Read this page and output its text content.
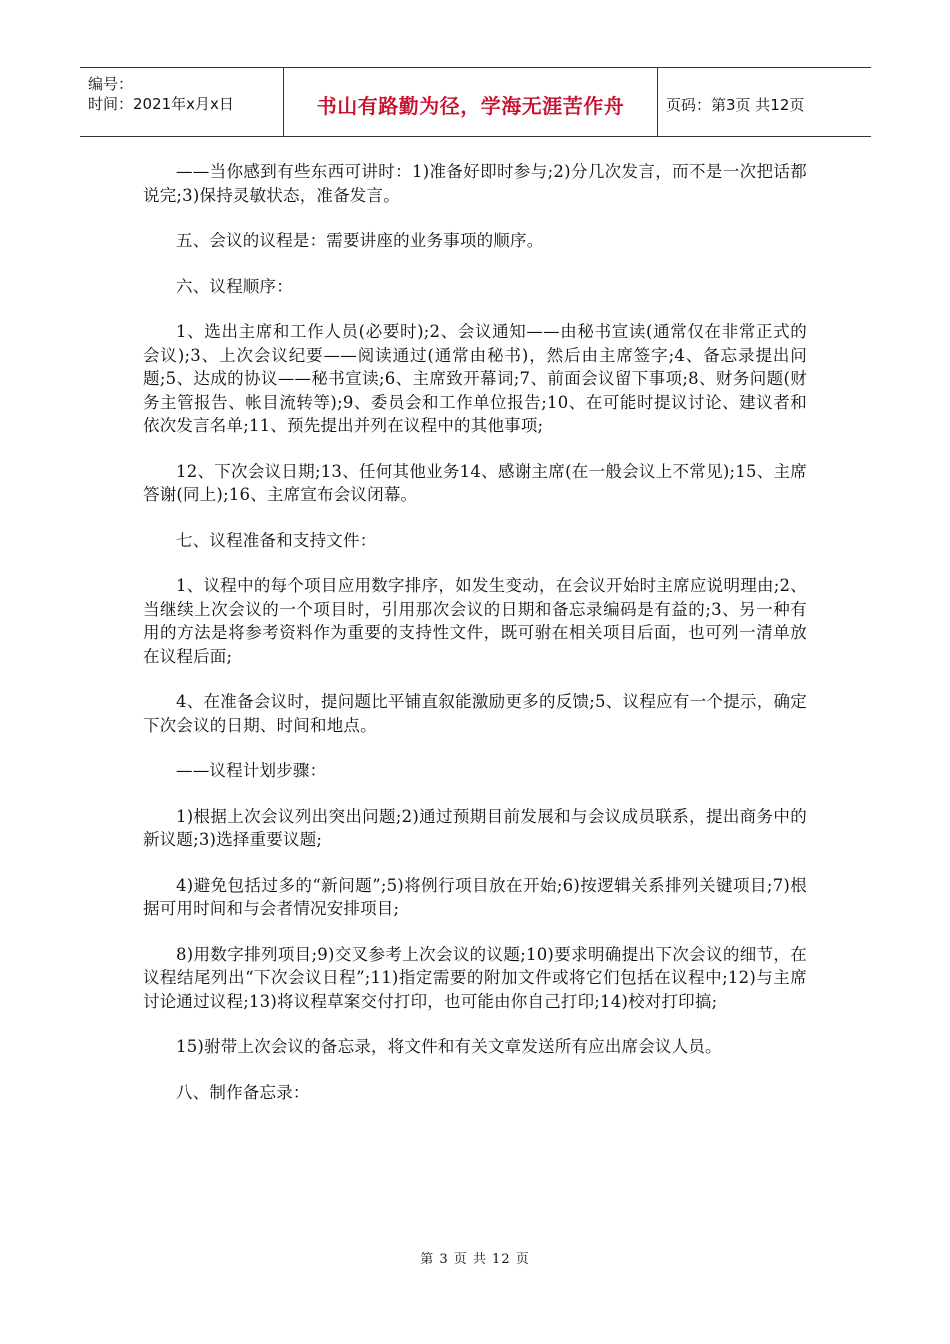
编号：
时间：2021年x月x日	书山有路勤为径，学海无涯苦作舟	页码：第3页 共12页

——当你感到有些东西可讲时：1)准备好即时参与;2)分几次发言，而不是一次把话都说完;3)保持灵敏状态，准备发言。

五、会议的议程是：需要讲座的业务事项的顺序。

六、议程顺序：

1、选出主席和工作人员(必要时);2、会议通知——由秘书宣读(通常仅在非常正式的会议);3、上次会议纪要——阅读通过(通常由秘书)，然后由主席签字;4、备忘录提出问题;5、达成的协议——秘书宣读;6、主席致开幕词;7、前面会议留下事项;8、财务问题(财务主管报告、帐目流转等);9、委员会和工作单位报告;10、在可能时提议讨论、建议者和依次发言名单;11、预先提出并列在议程中的其他事项;

12、下次会议日期;13、任何其他业务14、感谢主席(在一般会议上不常见);15、主席答谢(同上);16、主席宣布会议闭幕。

七、议程准备和支持文件：

1、议程中的每个项目应用数字排序，如发生变动，在会议开始时主席应说明理由;2、当继续上次会议的一个项目时，引用那次会议的日期和备忘录编码是有益的;3、另一种有用的方法是将参考资料作为重要的支持性文件，既可驸在相关项目后面，也可列一清单放在议程后面;

4、在准备会议时，提问题比平铺直叙能激励更多的反馈;5、议程应有一个提示，确定下次会议的日期、时间和地点。

——议程计划步骤：

1)根据上次会议列出突出问题;2)通过预期目前发展和与会议成员联系，提出商务中的新议题;3)选择重要议题;

4)避免包括过多的“新问题”;5)将例行项目放在开始;6)按逻辑关系排列关键项目;7)根据可用时间和与会者情况安排项目;

8)用数字排列项目;9)交叉参考上次会议的议题;10)要求明确提出下次会议的细节，在议程结尾列出“下次会议日程”;11)指定需要的附加文件或将它们包括在议程中;12)与主席讨论通过议程;13)将议程草案交付打印，也可能由你自己打印;14)校对打印搞;

15)驸带上次会议的备忘录，将文件和有关文章发送所有应出席会议人员。

八、制作备忘录：

第 3 页 共 12 页
